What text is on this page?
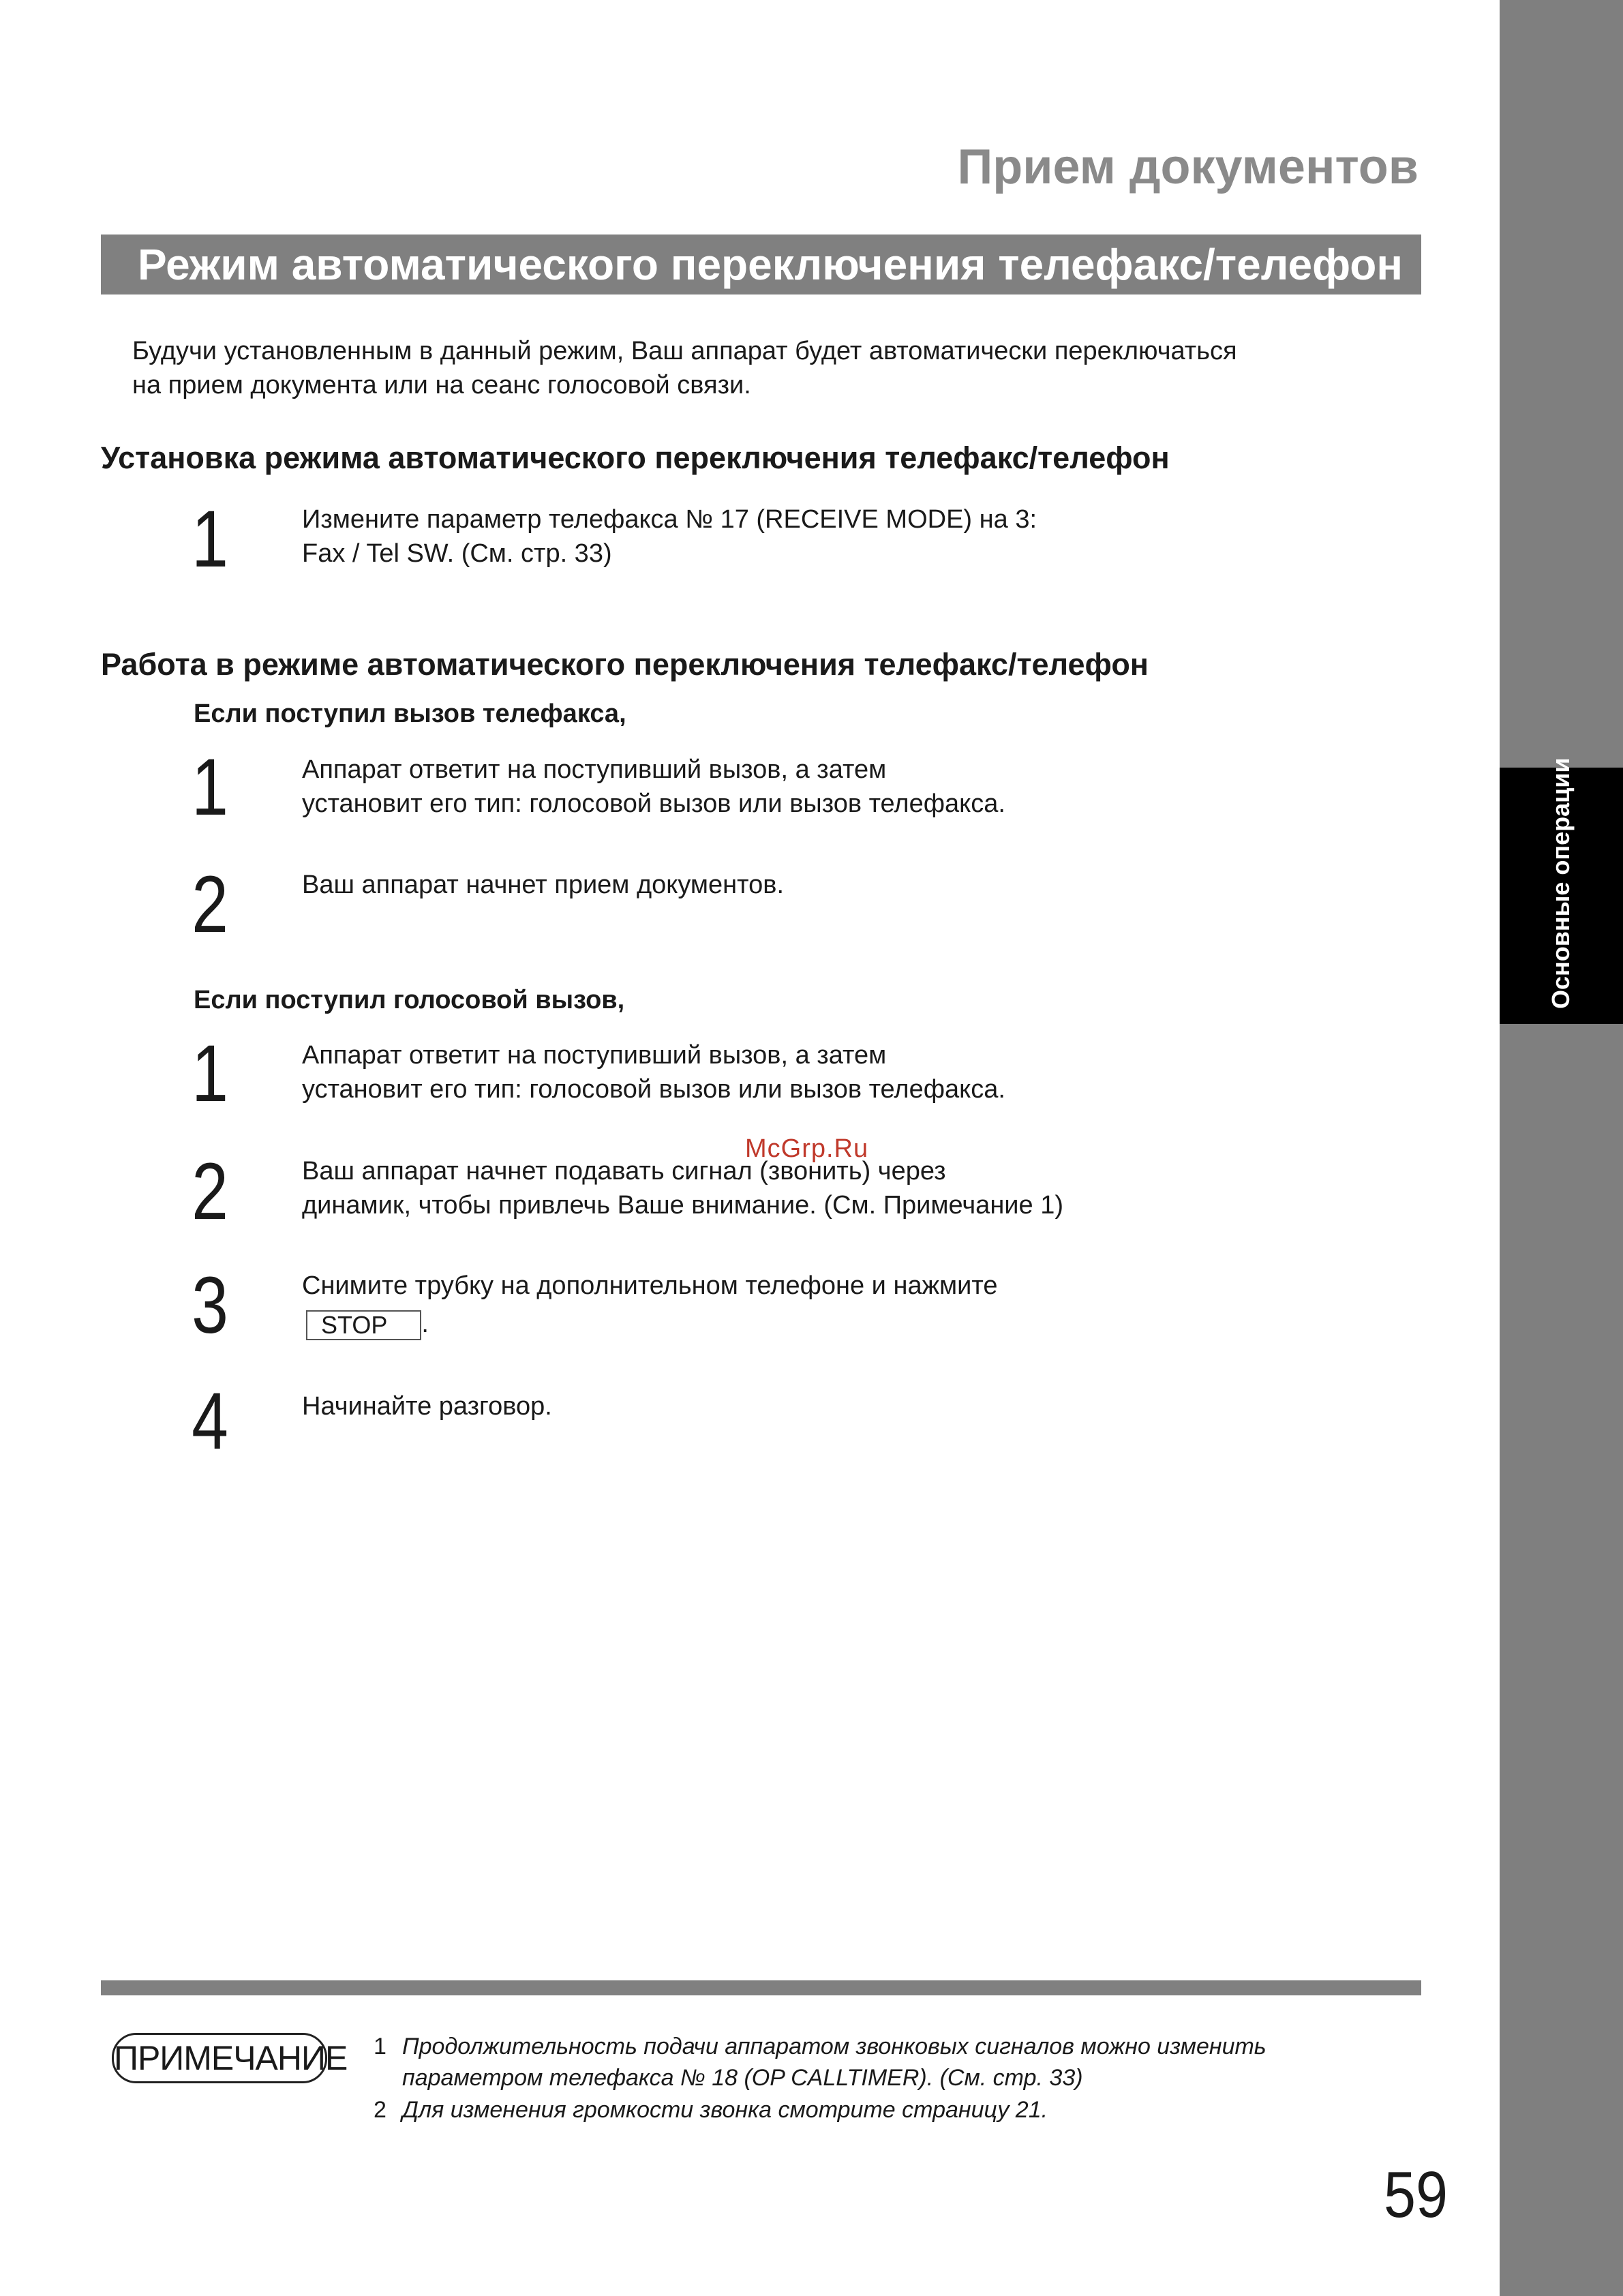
Основные операции
Прием документов
Режим автоматического переключения телефакс/телефон
Будучи установленным в данный режим, Ваш аппарат будет автоматически переключаться
на прием документа или на сеанс голосовой связи.
Установка режима автоматического переключения телефакс/телефон
1	Измените параметр телефакса № 17 (RECEIVE MODE) на 3:
Fax / Tel SW. (См. стр. 33)
Работа в режиме автоматического переключения телефакс/телефон
Если поступил вызов телефакса,
1	Аппарат ответит на поступивший вызов, а затем
установит его тип: голосовой вызов или вызов телефакса.
2	Ваш аппарат начнет прием документов.
Если поступил голосовой вызов,
1	Аппарат ответит на поступивший вызов, а затем
установит его тип: голосовой вызов или вызов телефакса.
McGrp.Ru
2	Ваш аппарат начнет подавать сигнал (звонить) через
динамик, чтобы привлечь Ваше внимание. (См. Примечание 1)
3	Снимите трубку на дополнительном телефоне и нажмите
STOP .
4	Начинайте разговор.
ПРИМЕЧАНИЕ 1 Продолжительность подачи аппаратом звонковых сигналов можно изменить
параметром телефакса № 18 (OP CALLTIMER). (См. стр. 33)
2 Для изменения громкости звонка смотрите страницу 21.
59
